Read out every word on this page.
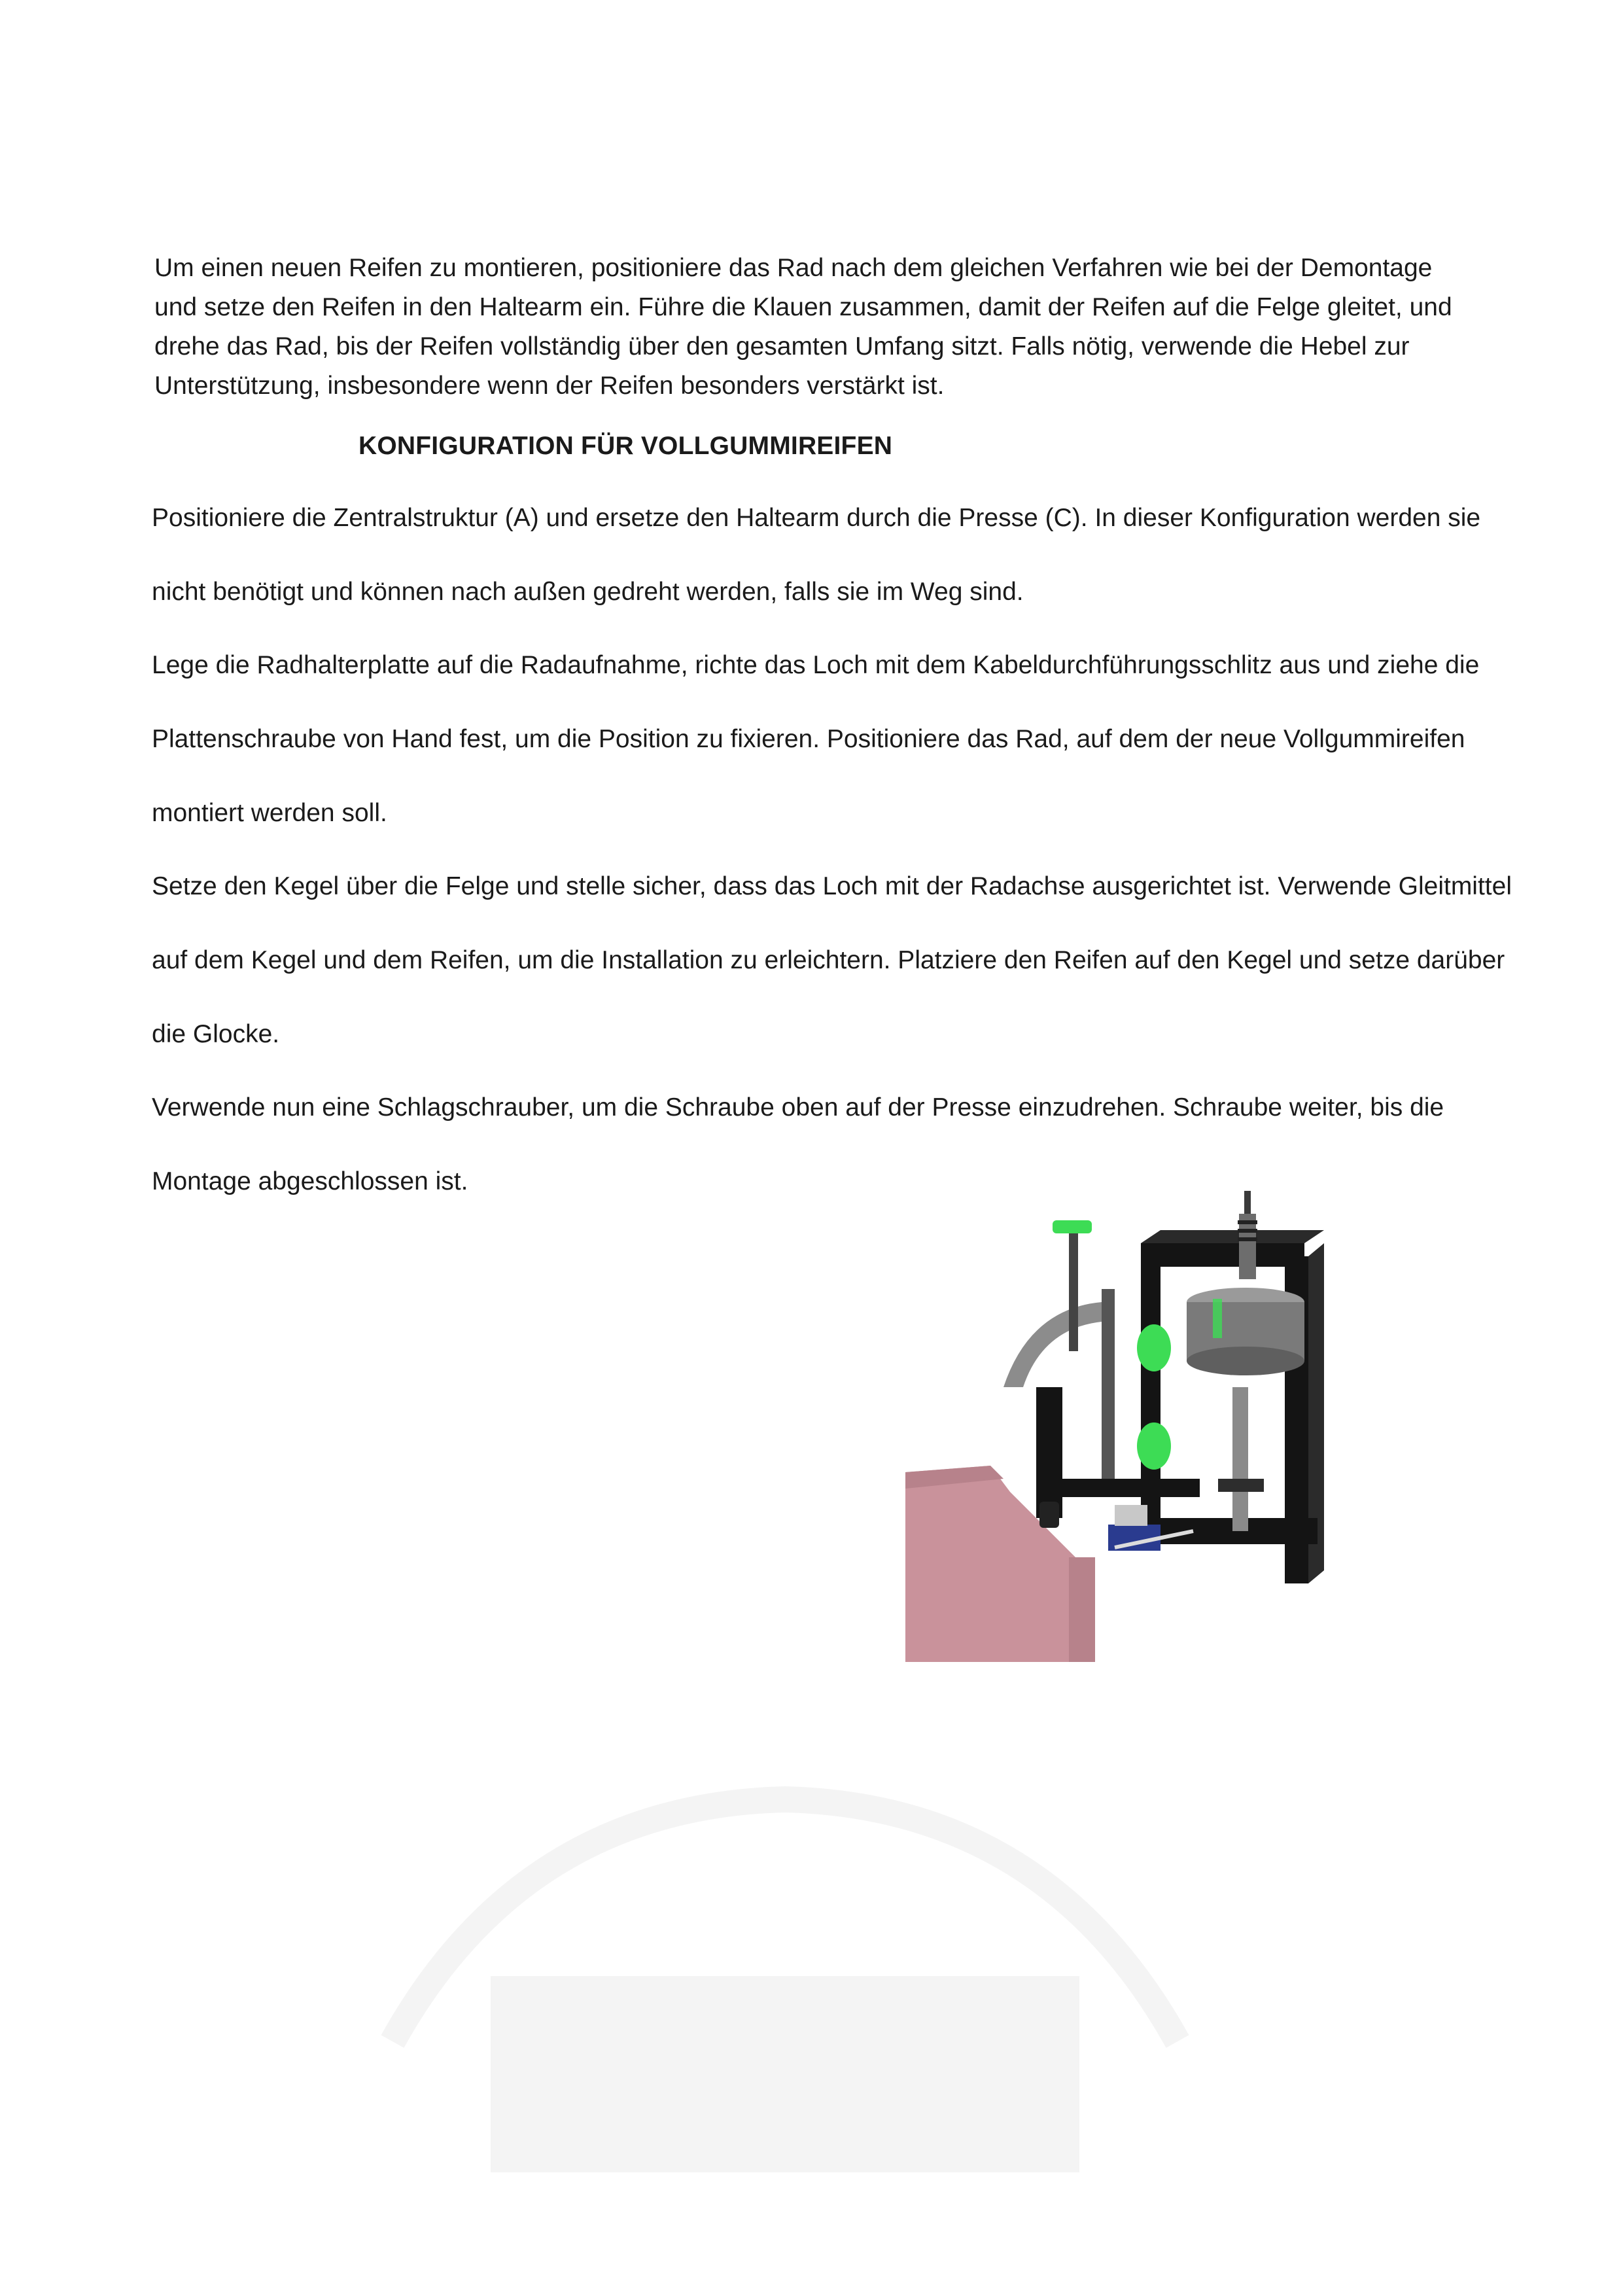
Um einen neuen Reifen zu montieren, positioniere das Rad nach dem gleichen Verfahren wie bei der Demontage und setze den Reifen in den Haltearm ein. Führe die Klauen zusammen, damit der Reifen auf die Felge gleitet, und drehe das Rad, bis der Reifen vollständig über den gesamten Umfang sitzt. Falls nötig, verwende die Hebel zur Unterstützung, insbesondere wenn der Reifen besonders verstärkt ist.

KONFIGURATION FÜR VOLLGUMMIREIFEN

Positioniere die Zentralstruktur (A) und ersetze den Haltearm durch die Presse (C). In dieser Konfiguration werden sie nicht benötigt und können nach außen gedreht werden, falls sie im Weg sind.

Lege die Radhalterplatte auf die Radaufnahme, richte das Loch mit dem Kabeldurchführungsschlitz aus und ziehe die Plattenschraube von Hand fest, um die Position zu fixieren. Positioniere das Rad, auf dem der neue Vollgummireifen montiert werden soll.

Setze den Kegel über die Felge und stelle sicher, dass das Loch mit der Radachse ausgerichtet ist. Verwende Gleitmittel auf dem Kegel und dem Reifen, um die Installation zu erleichtern. Platziere den Reifen auf den Kegel und setze darüber die Glocke.

Verwende nun eine Schlagschrauber, um die Schraube oben auf der Presse einzudrehen. Schraube weiter, bis die Montage abgeschlossen ist.
